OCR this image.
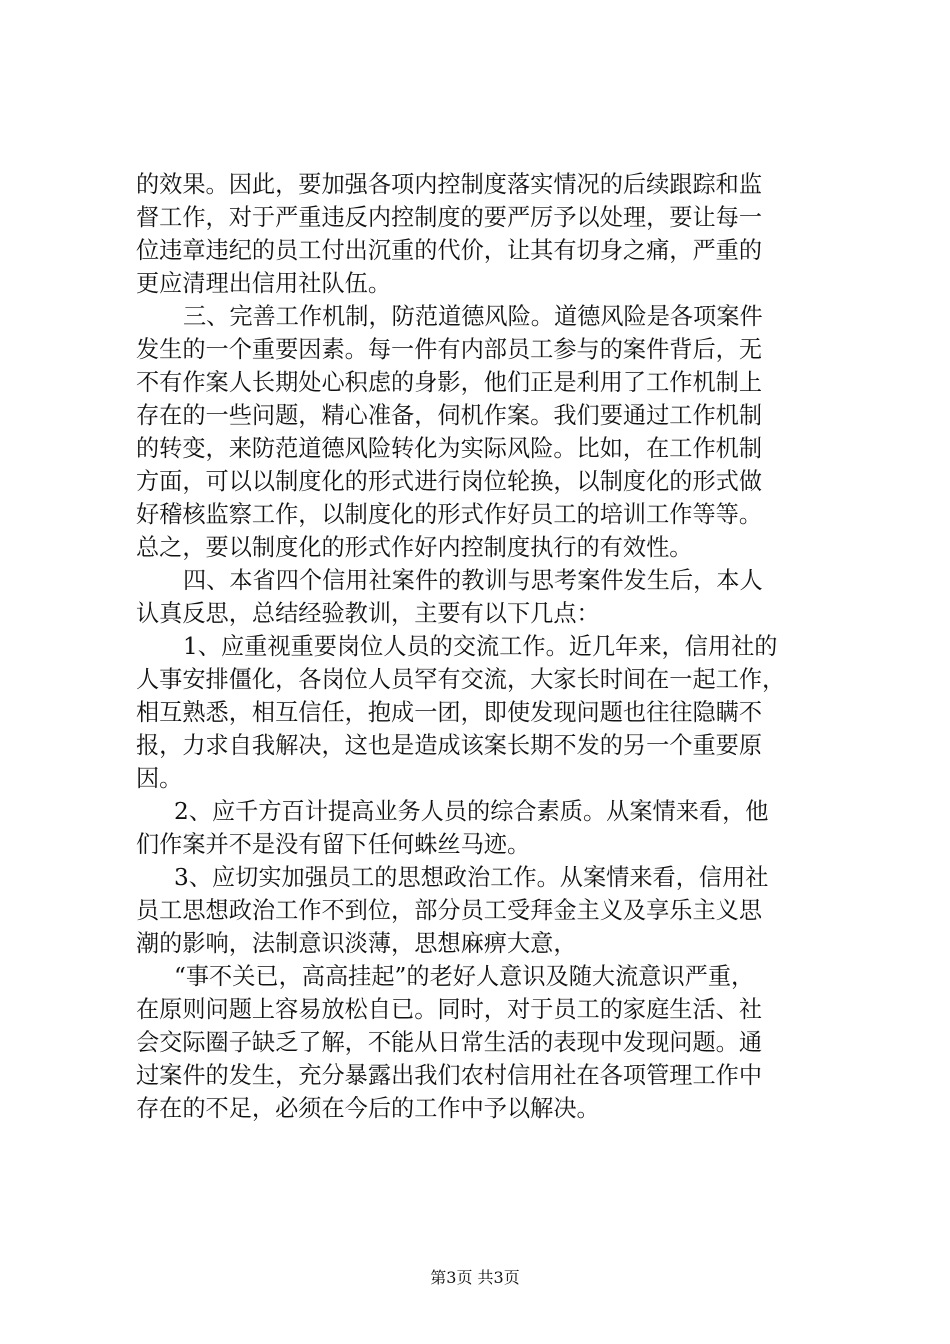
的效果。因此，要加强各项内控制度落实情况的后续跟踪和监
督工作，对于严重违反内控制度的要严厉予以处理，要让每一
位违章违纪的员工付出沉重的代价，让其有切身之痛，严重的
更应清理出信用社队伍。
三、完善工作机制，防范道德风险。道德风险是各项案件
发生的一个重要因素。每一件有内部员工参与的案件背后，无
不有作案人长期处心积虑的身影，他们正是利用了工作机制上
存在的一些问题，精心准备，伺机作案。我们要通过工作机制
的转变，来防范道德风险转化为实际风险。比如，在工作机制
方面，可以以制度化的形式进行岗位轮换，以制度化的形式做
好稽核监察工作，以制度化的形式作好员工的培训工作等等。
总之，要以制度化的形式作好内控制度执行的有效性。
四、本省四个信用社案件的教训与思考案件发生后，本人
认真反思，总结经验教训，主要有以下几点：
1、应重视重要岗位人员的交流工作。近几年来，信用社的
人事安排僵化，各岗位人员罕有交流，大家长时间在一起工作，
相互熟悉，相互信任，抱成一团，即使发现问题也往往隐瞒不
报，力求自我解决，这也是造成该案长期不发的另一个重要原
因。
2、应千方百计提高业务人员的综合素质。从案情来看，他
们作案并不是没有留下任何蛛丝马迹。
3、应切实加强员工的思想政治工作。从案情来看，信用社
员工思想政治工作不到位，部分员工受拜金主义及享乐主义思
潮的影响，法制意识淡薄，思想麻痹大意，
“事不关已，高高挂起”的老好人意识及随大流意识严重，
在原则问题上容易放松自已。同时，对于员工的家庭生活、社
会交际圈子缺乏了解，不能从日常生活的表现中发现问题。通
过案件的发生，充分暴露出我们农村信用社在各项管理工作中
存在的不足，必须在今后的工作中予以解决。
第3页 共3页
